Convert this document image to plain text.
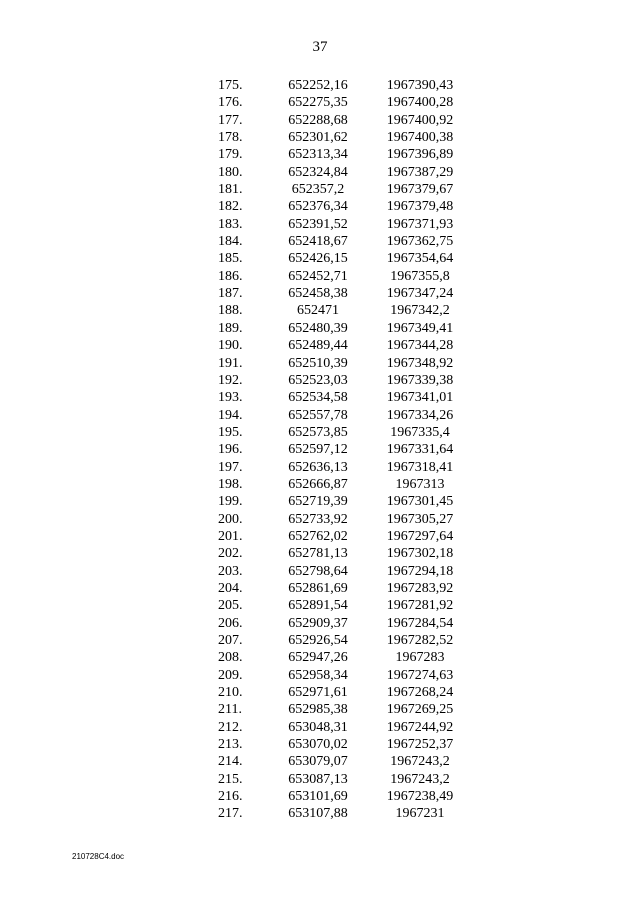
37
175.	652252,16	1967390,43
176.	652275,35	1967400,28
177.	652288,68	1967400,92
178.	652301,62	1967400,38
179.	652313,34	1967396,89
180.	652324,84	1967387,29
181.	652357,2	1967379,67
182.	652376,34	1967379,48
183.	652391,52	1967371,93
184.	652418,67	1967362,75
185.	652426,15	1967354,64
186.	652452,71	1967355,8
187.	652458,38	1967347,24
188.	652471	1967342,2
189.	652480,39	1967349,41
190.	652489,44	1967344,28
191.	652510,39	1967348,92
192.	652523,03	1967339,38
193.	652534,58	1967341,01
194.	652557,78	1967334,26
195.	652573,85	1967335,4
196.	652597,12	1967331,64
197.	652636,13	1967318,41
198.	652666,87	1967313
199.	652719,39	1967301,45
200.	652733,92	1967305,27
201.	652762,02	1967297,64
202.	652781,13	1967302,18
203.	652798,64	1967294,18
204.	652861,69	1967283,92
205.	652891,54	1967281,92
206.	652909,37	1967284,54
207.	652926,54	1967282,52
208.	652947,26	1967283
209.	652958,34	1967274,63
210.	652971,61	1967268,24
211.	652985,38	1967269,25
212.	653048,31	1967244,92
213.	653070,02	1967252,37
214.	653079,07	1967243,2
215.	653087,13	1967243,2
216.	653101,69	1967238,49
217.	653107,88	1967231
210728C4.doc
